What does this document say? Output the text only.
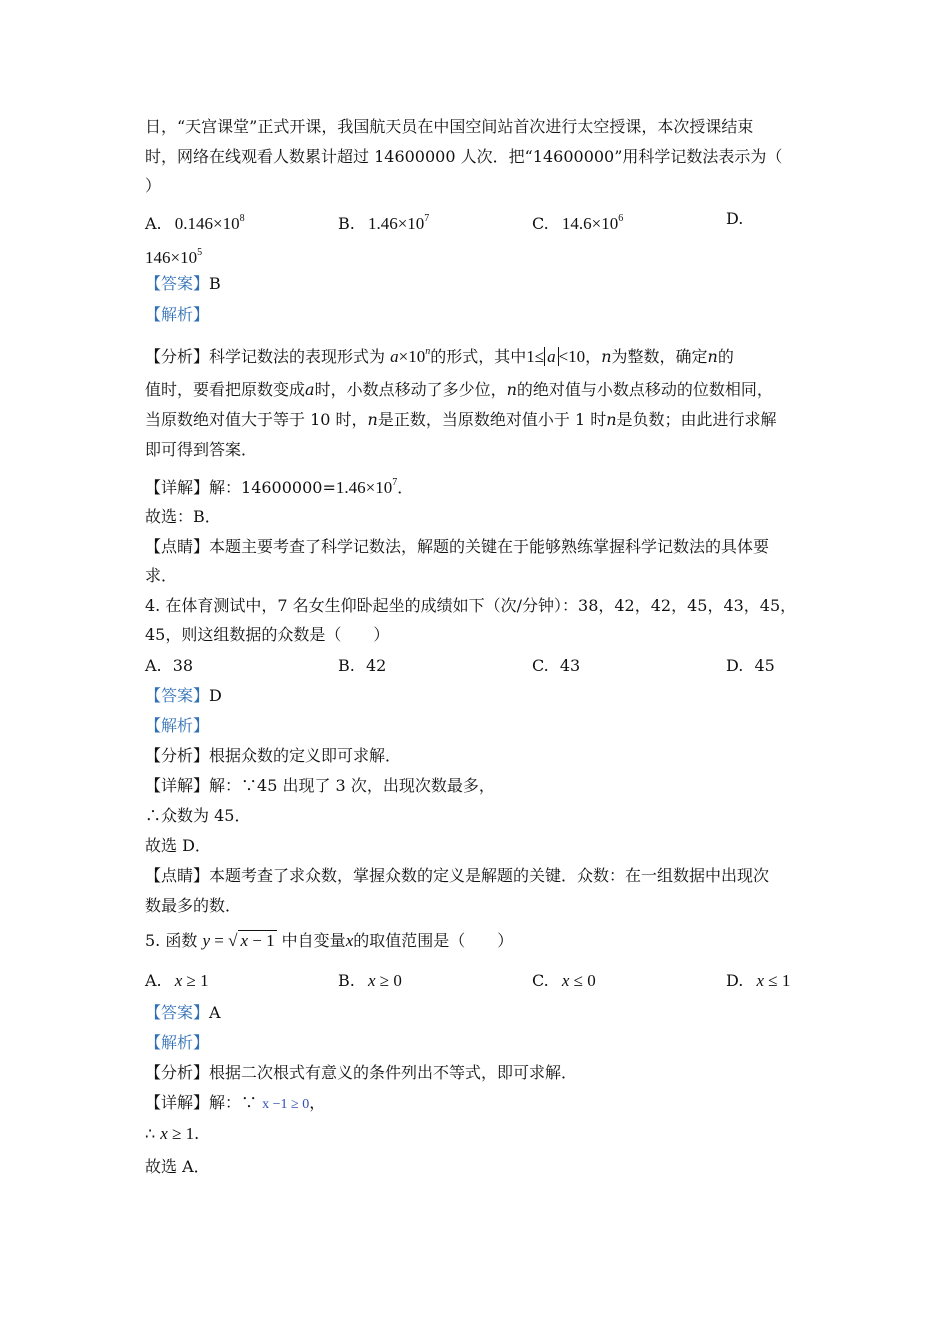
日，“天宫课堂”正式开课，我国航天员在中国空间站首次进行太空授课，本次授课结束
时，网络在线观看人数累计超过 14600000 人次．把“14600000”用科学记数法表示为（
）
A. $0.146\times 10^8$	B. $1.46\times 10^7$	C. $14.6\times 10^6$	D.
$146\times 10^5$
【答案】B
【解析】
【分析】科学记数法的表现形式为 $a\times 10^n$的形式，其中1≤ a <10，n为整数，确定n的
值时，要看把原数变成a时，小数点移动了多少位，n的绝对值与小数点移动的位数相同，
当原数绝对值大于等于 10 时，n是正数，当原数绝对值小于 1 时n是负数；由此进行求解
即可得到答案．
【详解】解：$14600000=1.46\times 10^7$．
故选：B．
【点睛】本题主要考查了科学记数法，解题的关键在于能够熟练掌握科学记数法的具体要
求．
4. 在体育测试中，7 名女生仰卧起坐的成绩如下（次/分钟）：38，42，42，45，43，45，
45，则这组数据的众数是（　　）
A. 38	B. 42	C. 43	D. 45
【答案】D
【解析】
【分析】根据众数的定义即可求解．
【详解】解：∵45 出现了 3 次，出现次数最多，
∴众数为 45．
故选 D．
【点睛】本题考查了求众数，掌握众数的定义是解题的关键．众数：在一组数据中出现次
数最多的数．
5. 函数 y = √ x − 1 中自变量x的取值范围是（　　）
A. x ≥ 1	B. x ≥ 0	C. x ≤ 0	D. x ≤ 1
【答案】A
【解析】
【分析】根据二次根式有意义的条件列出不等式，即可求解．
【详解】解：∵ x −1 ≥ 0，
∴ x ≥ 1.
故选 A．
